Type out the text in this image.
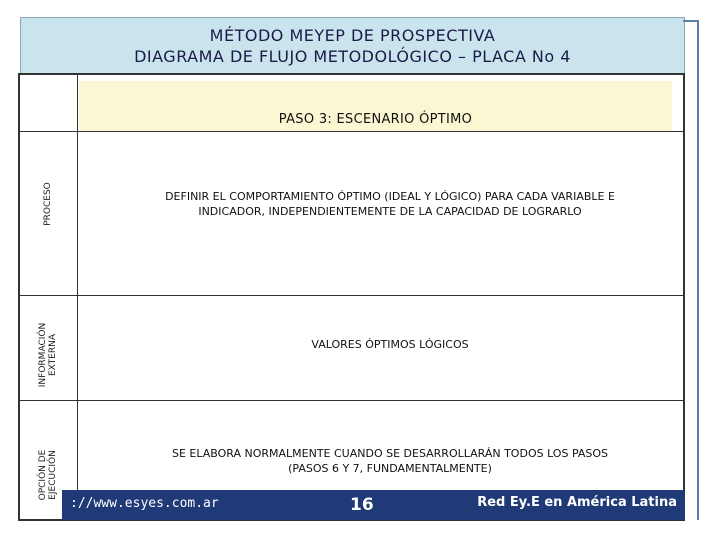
MÉTODO MEYEP DE PROSPECTIVA
DIAGRAMA DE FLUJO METODOLÓGICO – PLACA No 4
PASO 3: ESCENARIO ÓPTIMO
PROCESO	DEFINIR EL COMPORTAMIENTO ÓPTIMO (IDEAL Y LÓGICO) PARA CADA VARIABLE E INDICADOR, INDEPENDIENTEMENTE DE LA CAPACIDAD DE LOGRARLO
INFORMACIÓN EXTERNA	VALORES ÓPTIMOS LÓGICOS
OPCIÓN DE EJECUCIÓN	SE ELABORA NORMALMENTE CUANDO SE DESARROLLARÁN TODOS LOS PASOS (PASOS 6 Y 7, FUNDAMENTALMENTE)
://www.esyes.com.ar	16	Red Ey.E en América Latina
